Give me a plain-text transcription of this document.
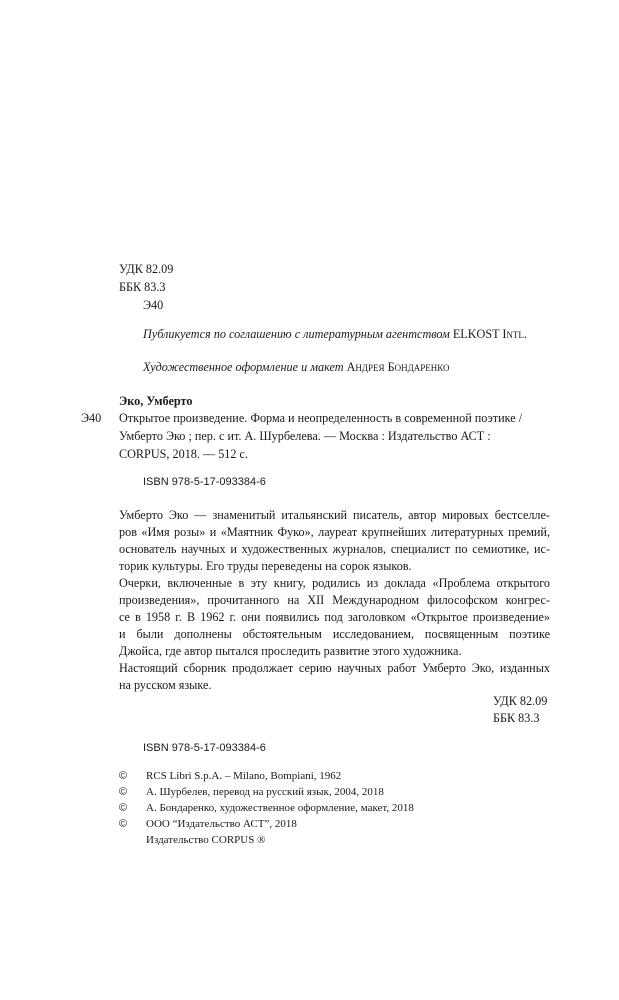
УДК 82.09
ББК 83.3
Э40
Публикуется по соглашению с литературным агентством ELKOST Intl.
Художественное оформление и макет Андрея Бондаренко
Эко, Умберто
Э40 Открытое произведение. Форма и неопределенность в современной поэтике /
Умберто Эко ; пер. с ит. А. Шурбелева. — Москва : Издательство АСТ :
CORPUS, 2018. — 512 с.
ISBN 978-5-17-093384-6
Умберто Эко — знаменитый итальянский писатель, автор мировых бестселле-
ров «Имя розы» и «Маятник Фуко», лауреат крупнейших литературных премий,
основатель научных и художественных журналов, специалист по семиотике, ис-
торик культуры. Его труды переведены на сорок языков.
Очерки, включенные в эту книгу, родились из доклада «Проблема открытого
произведения», прочитанного на XII Международном философском конгрес-
се в 1958 г. В 1962 г. они появились под заголовком «Открытое произведение»
и были дополнены обстоятельным исследованием, посвященным поэтике
Джойса, где автор пытался проследить развитие этого художника.
Настоящий сборник продолжает серию научных работ Умберто Эко, изданных
на русском языке.
УДК 82.09
ББК 83.3
ISBN 978-5-17-093384-6
© RCS Libri S.p.A. – Milano, Bompiani, 1962
© А. Шурбелев, перевод на русский язык, 2004, 2018
© А. Бондаренко, художественное оформление, макет, 2018
© ООО “Издательство АСТ”, 2018
Издательство CORPUS ®
